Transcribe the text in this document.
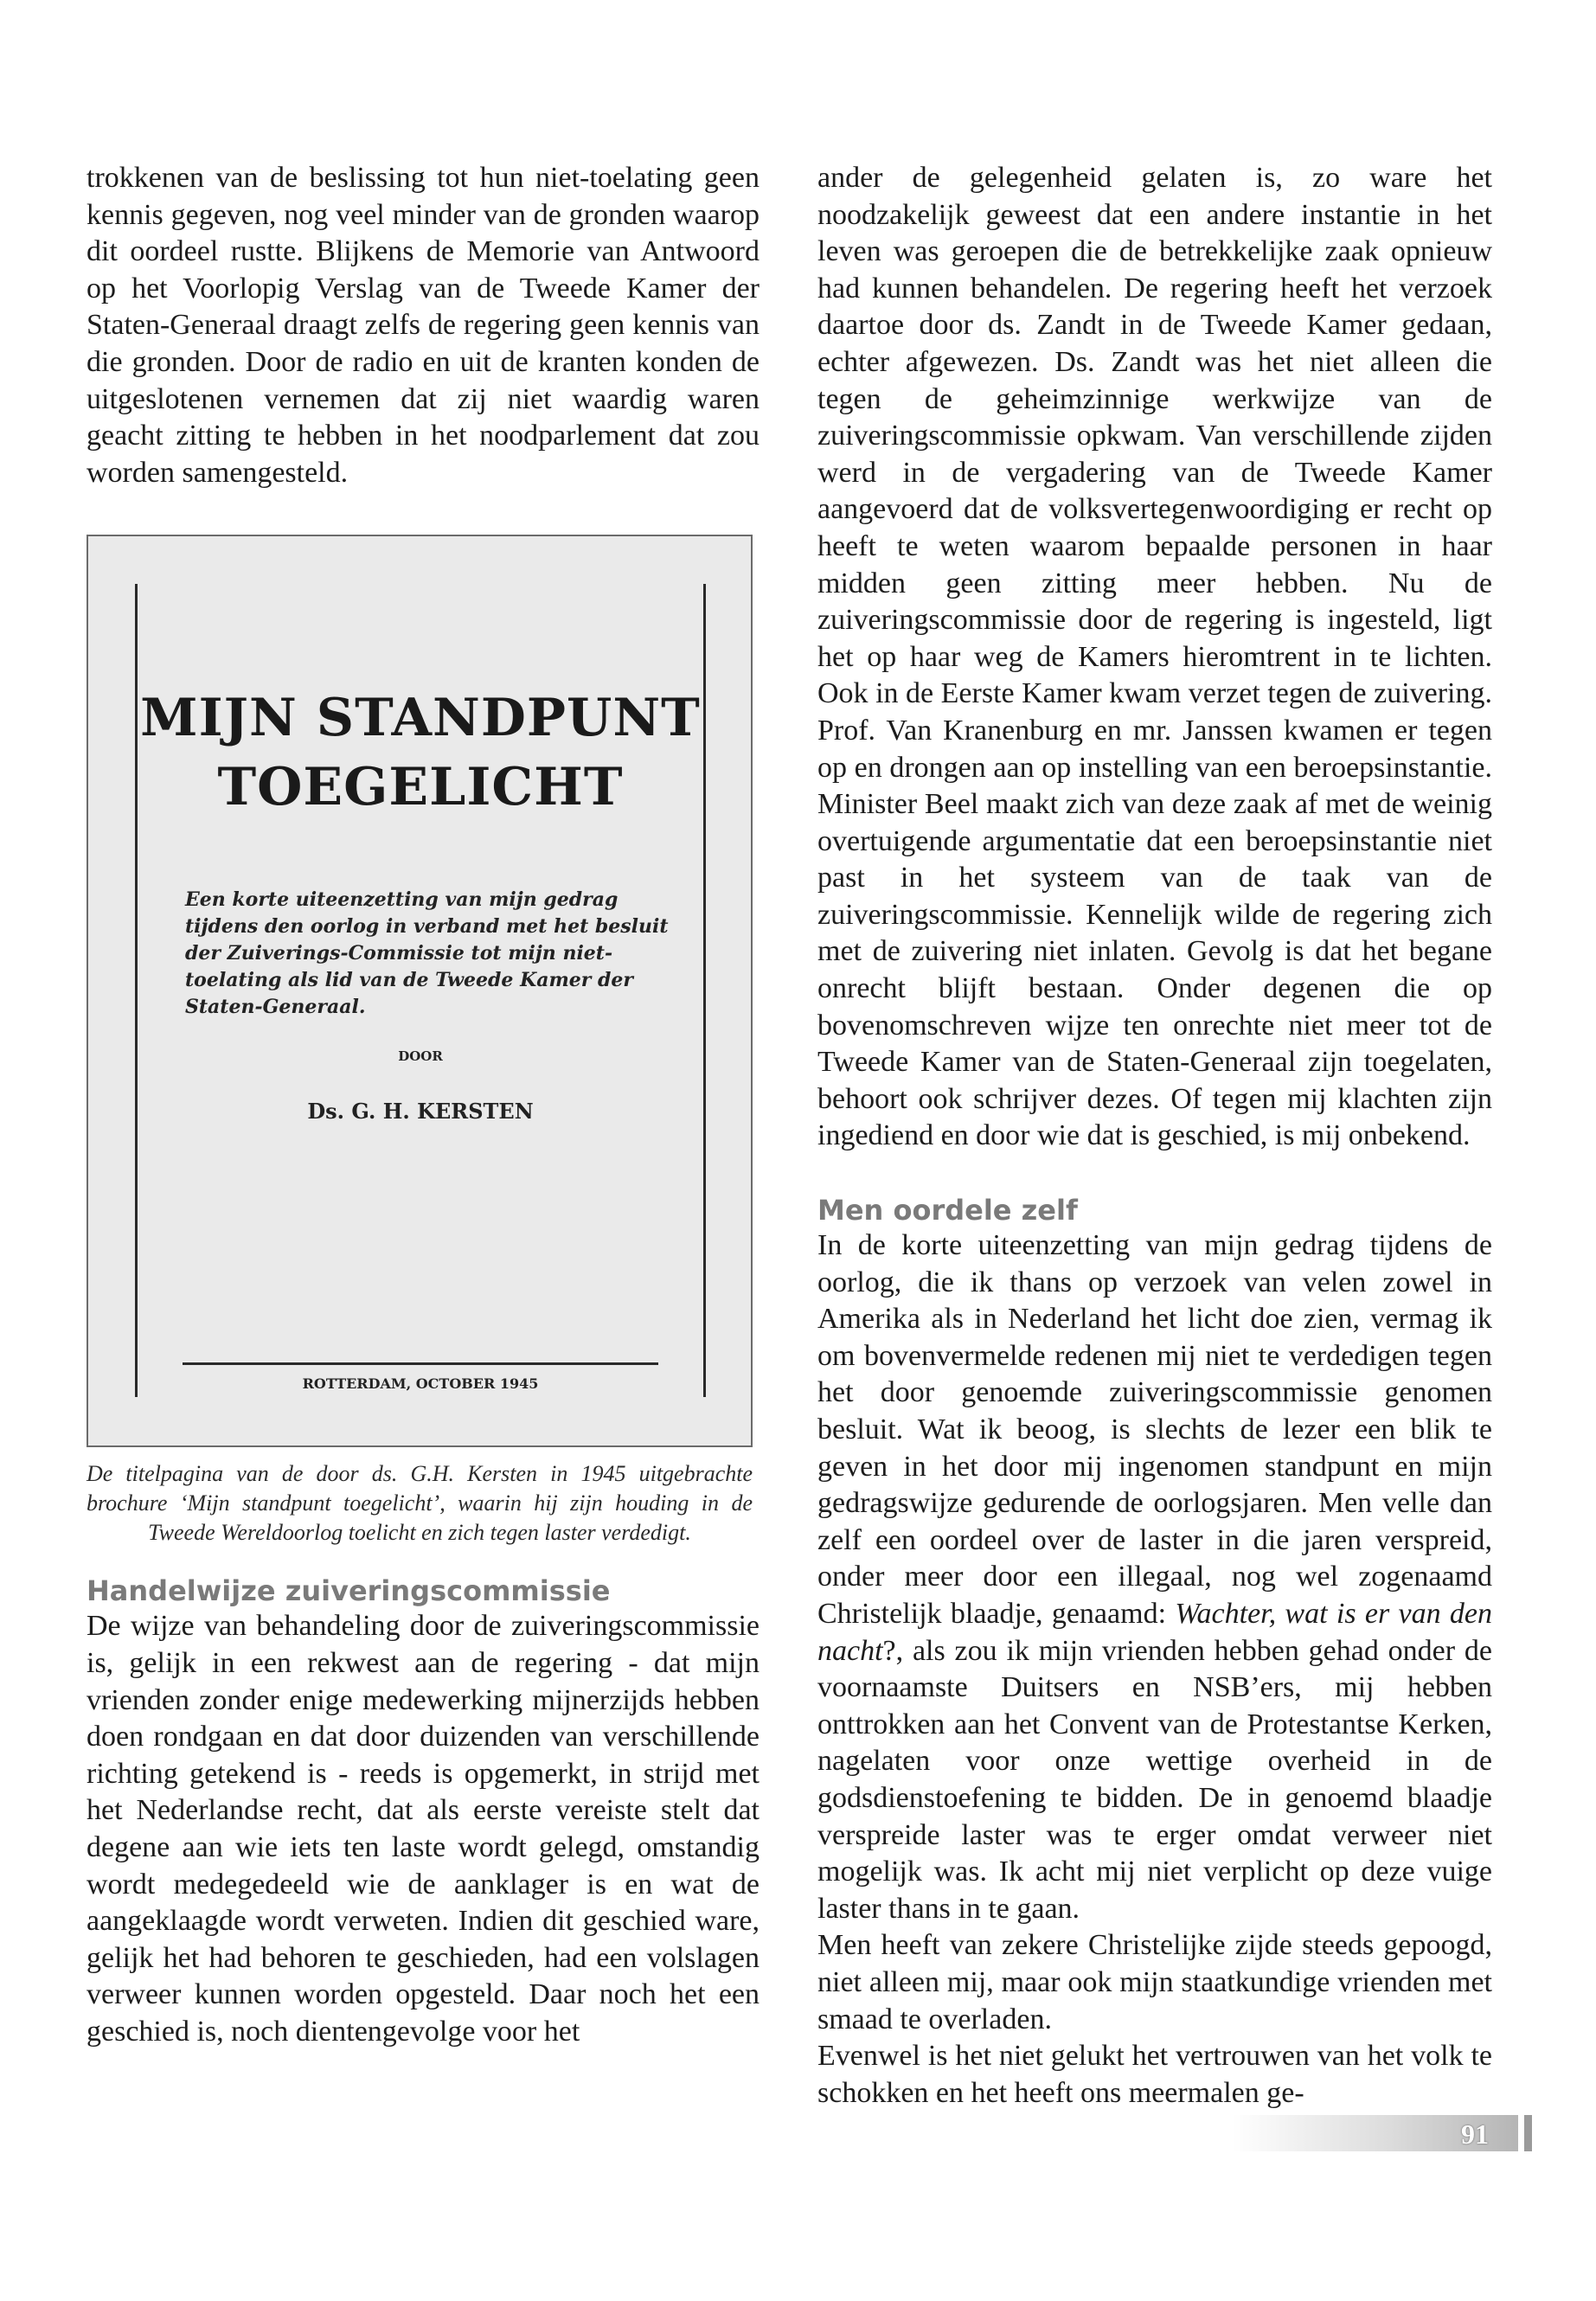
trokkenen van de beslissing tot hun niet-toelating geen kennis gegeven, nog veel minder van de gronden waarop dit oordeel rustte. Blijkens de Memorie van Antwoord op het Voorlopig Verslag van de Tweede Kamer der Staten-Generaal draagt zelfs de regering geen kennis van die gronden. Door de radio en uit de kranten konden de uitgeslotenen vernemen dat zij niet waardig waren geacht zitting te hebben in het noodparlement dat zou worden samengesteld.

MIJN STANDPUNT
TOEGELICHT
Een korte uiteenzetting van mijn gedrag tijdens den oorlog in verband met het besluit der Zuiverings-Commissie tot mijn niet-toelating als lid van de Tweede Kamer der Staten-Generaal.
DOOR
Ds. G. H. KERSTEN
ROTTERDAM, OCTOBER 1945

De titelpagina van de door ds. G.H. Kersten in 1945 uitgebrachte brochure ‘Mijn standpunt toegelicht’, waarin hij zijn houding in de Tweede Wereldoorlog toelicht en zich tegen laster verdedigt.

Handelwijze zuiveringscommissie

De wijze van behandeling door de zuiveringscommissie is, gelijk in een rekwest aan de regering - dat mijn vrienden zonder enige medewerking mijnerzijds hebben doen rondgaan en dat door duizenden van verschillende richting getekend is - reeds is opgemerkt, in strijd met het Nederlandse recht, dat als eerste vereiste stelt dat degene aan wie iets ten laste wordt gelegd, omstandig wordt medegedeeld wie de aanklager is en wat de aangeklaagde wordt verweten. Indien dit geschied ware, gelijk het had behoren te geschieden, had een volslagen verweer kunnen worden opgesteld. Daar noch het een geschied is, noch dientengevolge voor het

ander de gelegenheid gelaten is, zo ware het noodzakelijk geweest dat een andere instantie in het leven was geroepen die de betrekkelijke zaak opnieuw had kunnen behandelen. De regering heeft het verzoek daartoe door ds. Zandt in de Tweede Kamer gedaan, echter afgewezen. Ds. Zandt was het niet alleen die tegen de geheimzinnige werkwijze van de zuiveringscommissie opkwam. Van verschillende zijden werd in de vergadering van de Tweede Kamer aangevoerd dat de volksvertegenwoordiging er recht op heeft te weten waarom bepaalde personen in haar midden geen zitting meer hebben. Nu de zuiveringscommissie door de regering is ingesteld, ligt het op haar weg de Kamers hieromtrent in te lichten. Ook in de Eerste Kamer kwam verzet tegen de zuivering. Prof. Van Kranenburg en mr. Janssen kwamen er tegen op en drongen aan op instelling van een beroepsinstantie. Minister Beel maakt zich van deze zaak af met de weinig overtuigende argumentatie dat een beroepsinstantie niet past in het systeem van de taak van de zuiveringscommissie. Kennelijk wilde de regering zich met de zuivering niet inlaten. Gevolg is dat het begane onrecht blijft bestaan. Onder degenen die op bovenomschreven wijze ten onrechte niet meer tot de Tweede Kamer van de Staten-Generaal zijn toegelaten, behoort ook schrijver dezes. Of tegen mij klachten zijn ingediend en door wie dat is geschied, is mij onbekend.

Men oordele zelf

In de korte uiteenzetting van mijn gedrag tijdens de oorlog, die ik thans op verzoek van velen zowel in Amerika als in Nederland het licht doe zien, vermag ik om bovenvermelde redenen mij niet te verdedigen tegen het door genoemde zuiveringscommissie genomen besluit. Wat ik beoog, is slechts de lezer een blik te geven in het door mij ingenomen standpunt en mijn gedragswijze gedurende de oorlogsjaren. Men velle dan zelf een oordeel over de laster in die jaren verspreid, onder meer door een illegaal, nog wel zogenaamd Christelijk blaadje, genaamd: Wachter, wat is er van den nacht?, als zou ik mijn vrienden hebben gehad onder de voornaamste Duitsers en NSB’ers, mij hebben onttrokken aan het Convent van de Protestantse Kerken, nagelaten voor onze wettige overheid in de godsdienstoefening te bidden. De in genoemd blaadje verspreide laster was te erger omdat verweer niet mogelijk was. Ik acht mij niet verplicht op deze vuige laster thans in te gaan.

Men heeft van zekere Christelijke zijde steeds gepoogd, niet alleen mij, maar ook mijn staatkundige vrienden met smaad te overladen.

Evenwel is het niet gelukt het vertrouwen van het volk te schokken en het heeft ons meermalen ge-

91
